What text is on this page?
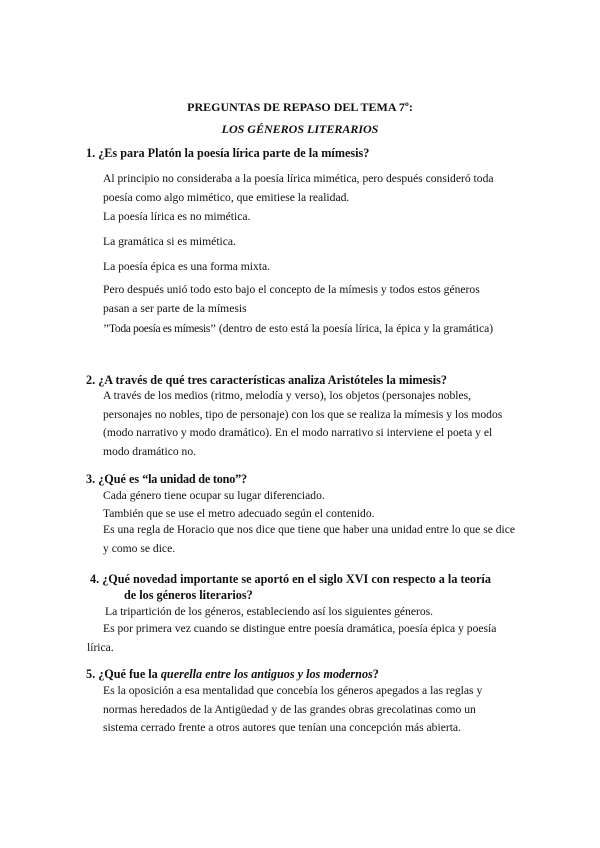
PREGUNTAS DE REPASO DEL TEMA 7º:
LOS GÉNEROS LITERARIOS
1. ¿Es para Platón la poesía lírica parte de la mímesis?
Al principio no consideraba a la poesía lírica mimética, pero después consideró toda poesía como algo mimético, que emitiese la realidad.
La poesía lírica es no mimética.
La gramática si es mimética.
La poesía épica es una forma mixta.
Pero después unió todo esto bajo el concepto de la mímesis y todos estos géneros pasan a ser parte de la mímesis
’’Toda poesía es mímesis’’ (dentro de esto está la poesía lírica, la épica y la gramática)
2. ¿A través de qué tres características analiza Aristóteles la mimesis?
A través de los medios (ritmo, melodía y verso), los objetos (personajes nobles, personajes no nobles, tipo de personaje) con los que se realiza la mímesis y los modos (modo narrativo y modo dramático). En el modo narrativo si interviene el poeta y el modo dramático no.
3. ¿Qué es “la unidad de tono”?
Cada género tiene ocupar su lugar diferenciado.
También que se use el metro adecuado según el contenido.
Es una regla de Horacio que nos dice que tiene que haber una unidad entre lo que se dice y como se dice.
4. ¿Qué novedad importante se aportó en el siglo XVI con respecto a la teoría
de los géneros literarios?
La tripartición de los géneros, estableciendo así los siguientes géneros.
Es por primera vez cuando se distingue entre poesía dramática, poesía épica y poesía lírica.
5. ¿Qué fue la querella entre los antiguos y los modernos?
Es la oposición a esa mentalidad que concebía los géneros apegados a las reglas y normas heredados de la Antigüedad y de las grandes obras grecolatinas como un sistema cerrado frente a otros autores que tenían una concepción más abierta.
